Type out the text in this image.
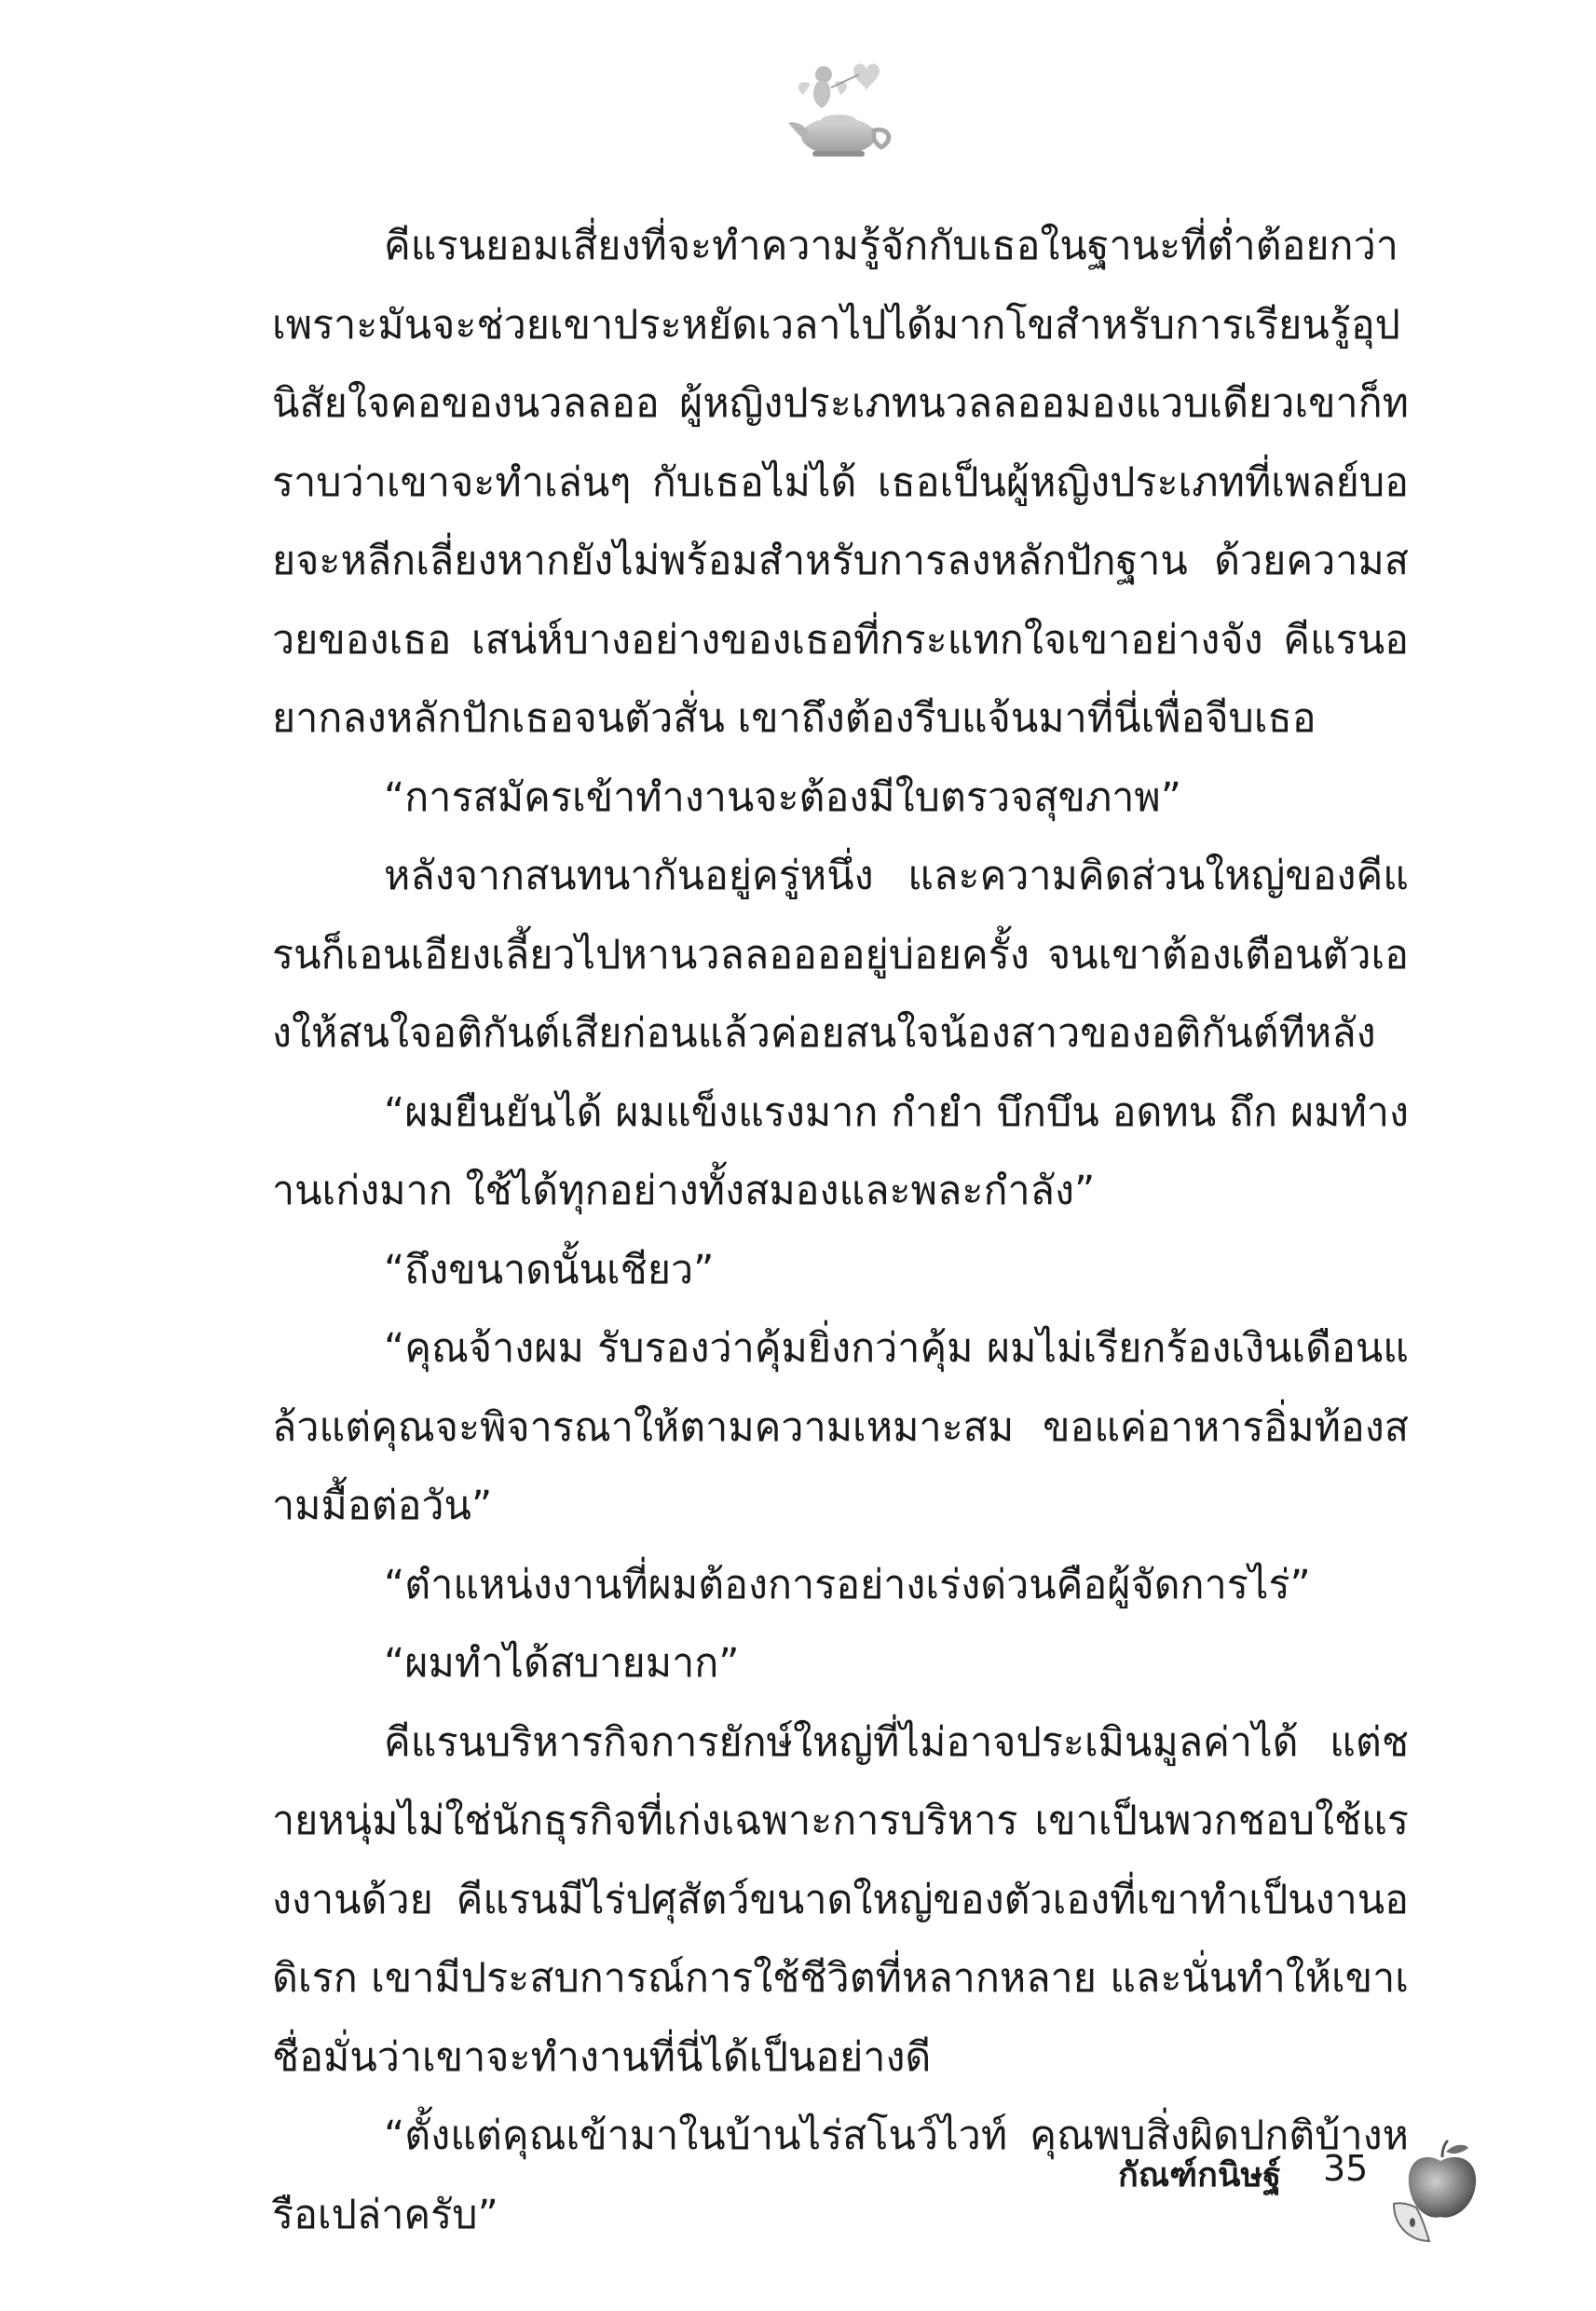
คีแรนยอมเสี่ยงที่จะทำความรู้จักกับเธอในฐานะที่ต่ำต้อยกว่า เพราะมันจะช่วยเขาประหยัดเวลาไปได้มากโขสำหรับการเรียนรู้อุปนิสัยใจคอของนวลลออ ผู้หญิงประเภทนวลลออมองแวบเดียวเขาก็ทราบว่าเขาจะทำเล่นๆ กับเธอไม่ได้ เธอเป็นผู้หญิงประเภทที่เพลย์บอยจะหลีกเลี่ยงหากยังไม่พร้อมสำหรับการลงหลักปักฐาน ด้วยความสวยของเธอ เสน่ห์บางอย่างของเธอที่กระแทกใจเขาอย่างจัง คีแรนอยากลงหลักปักเธอจนตัวสั่น เขาถึงต้องรีบแจ้นมาที่นี่เพื่อจีบเธอ

“การสมัครเข้าทำงานจะต้องมีใบตรวจสุขภาพ”

หลังจากสนทนากันอยู่ครู่หนึ่ง และความคิดส่วนใหญ่ของคีแรนก็เอนเอียงเลี้ยวไปหานวลลออออยู่บ่อยครั้ง จนเขาต้องเตือนตัวเองให้สนใจอติกันต์เสียก่อนแล้วค่อยสนใจน้องสาวของอติกันต์ทีหลัง

“ผมยืนยันได้ ผมแข็งแรงมาก กำยำ บึกบึน อดทน ถึก ผมทำงานเก่งมาก ใช้ได้ทุกอย่างทั้งสมองและพละกำลัง”

“ถึงขนาดนั้นเชียว”

“คุณจ้างผม รับรองว่าคุ้มยิ่งกว่าคุ้ม ผมไม่เรียกร้องเงินเดือนแล้วแต่คุณจะพิจารณาให้ตามความเหมาะสม ขอแค่อาหารอิ่มท้องสามมื้อต่อวัน”

“ตำแหน่งงานที่ผมต้องการอย่างเร่งด่วนคือผู้จัดการไร่”

“ผมทำได้สบายมาก”

คีแรนบริหารกิจการยักษ์ใหญ่ที่ไม่อาจประเมินมูลค่าได้ แต่ชายหนุ่มไม่ใช่นักธุรกิจที่เก่งเฉพาะการบริหาร เขาเป็นพวกชอบใช้แรงงานด้วย คีแรนมีไร่ปศุสัตว์ขนาดใหญ่ของตัวเองที่เขาทำเป็นงานอดิเรก เขามีประสบการณ์การใช้ชีวิตที่หลากหลาย และนั่นทำให้เขาเชื่อมั่นว่าเขาจะทำงานที่นี่ได้เป็นอย่างดี

“ตั้งแต่คุณเข้ามาในบ้านไร่สโนว์ไวท์ คุณพบสิ่งผิดปกติบ้างหรือเปล่าครับ”

กัณฑ์กนิษฐ์ 35
